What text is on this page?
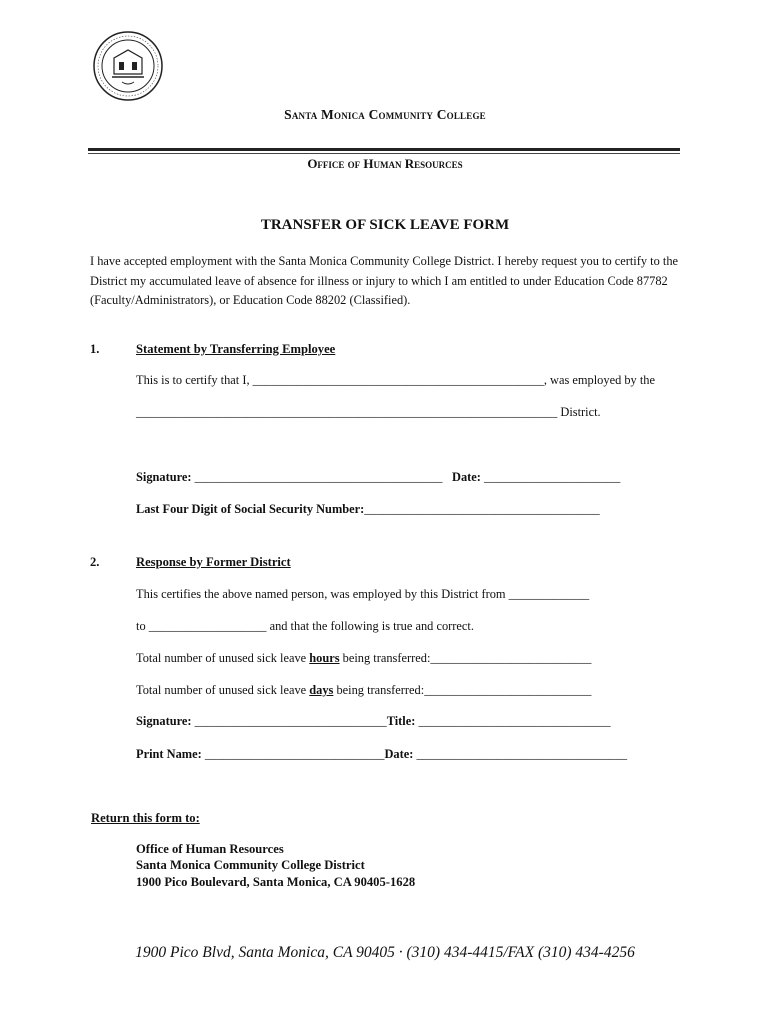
Santa Monica Community College
Office of Human Resources
TRANSFER OF SICK LEAVE FORM
I have accepted employment with the Santa Monica Community College District. I hereby request you to certify to the District my accumulated leave of absence for illness or injury to which I am entitled to under Education Code 87782 (Faculty/Administrators), or Education Code 88202 (Classified).
1.	Statement by Transferring Employee
This is to certify that I, _______________________________________________, was employed by the
____________________________________________________________________ District.
Signature: ________________________________________ Date: ______________________
Last Four Digit of Social Security Number:______________________________________
2.	Response by Former District
This certifies the above named person, was employed by this District from _____________
to ___________________ and that the following is true and correct.
Total number of unused sick leave hours being transferred:__________________________
Total number of unused sick leave days being transferred:___________________________
Signature: _______________________________Title: _______________________________
Print Name: _____________________________Date: __________________________________
Return this form to:
Office of Human Resources
Santa Monica Community College District
1900 Pico Boulevard, Santa Monica, CA 90405-1628
1900 Pico Blvd, Santa Monica, CA 90405 · (310) 434-4415/FAX (310) 434-4256
